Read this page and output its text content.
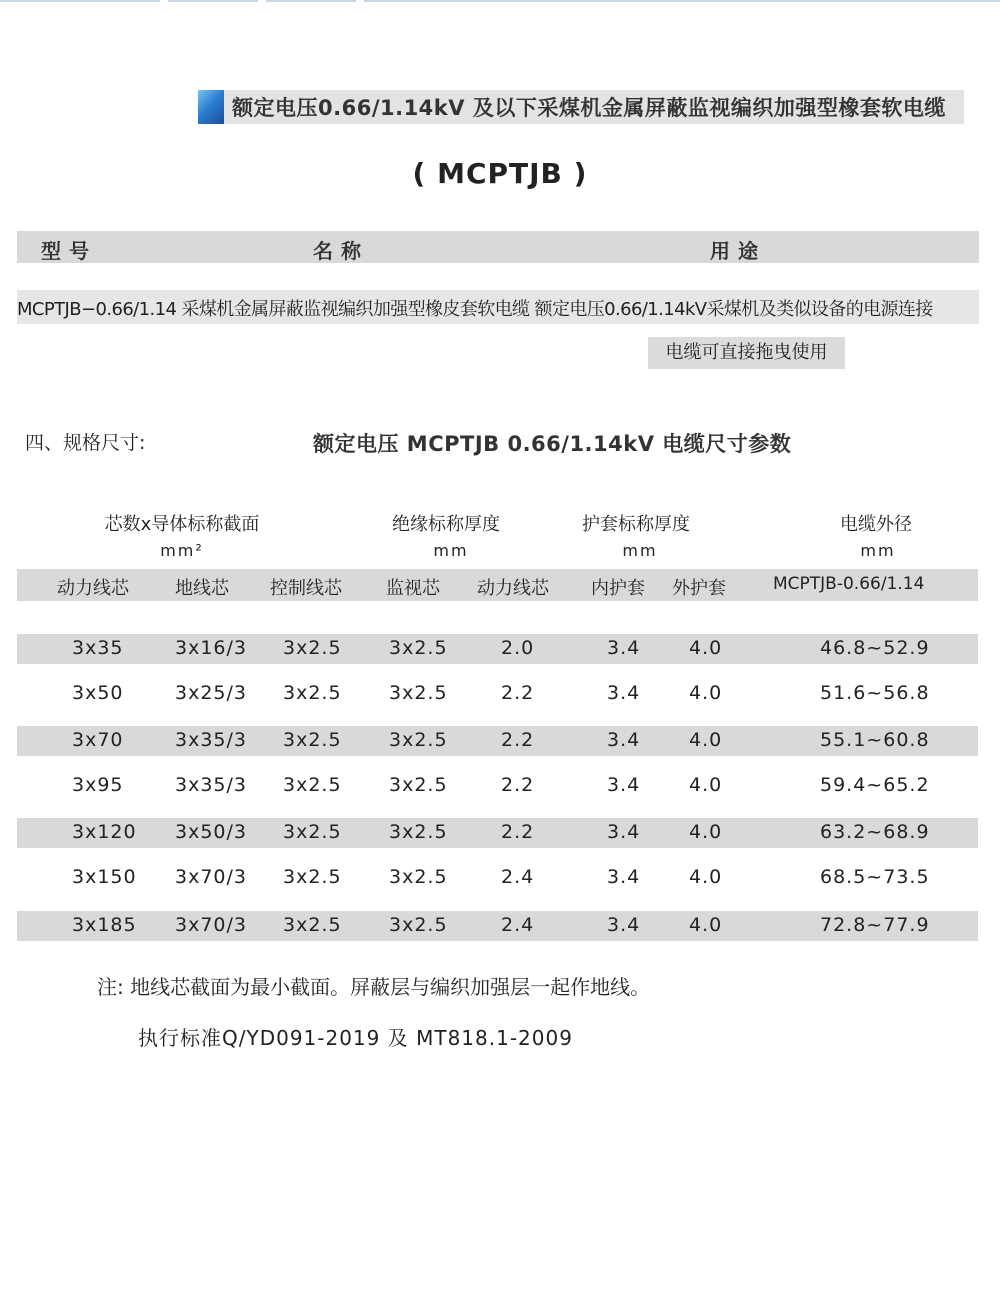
额定电压0.66/1.14kV 及以下采煤机金属屏蔽监视编织加强型橡套软电缆
( MCPTJB )
型号	名称	用途
MCPTJB−0.66/1.14 采煤机金属屏蔽监视编织加强型橡皮套软电缆 额定电压0.66/1.14kV采煤机及类似设备的电源连接
电缆可直接拖曳使用
四、规格尺寸:	额定电压 MCPTJB 0.66/1.14kV 电缆尺寸参数
芯数x导体标称截面
mm²
绝缘标称厚度
mm
护套标称厚度
mm
电缆外径
mm
动力线芯	地线芯 控制线芯 监视芯 动力线芯 内护套 外护套	MCPTJB-0.66/1.14
3x35	3x16/3 3x2.5 3x2.5	2.0	3.4	4.0	46.8~52.9
3x50	3x25/3 3x2.5 3x2.5	2.2	3.4	4.0	51.6~56.8
3x70	3x35/3 3x2.5 3x2.5	2.2	3.4	4.0	55.1~60.8
3x95	3x35/3 3x2.5 3x2.5	2.2	3.4	4.0	59.4~65.2
3x120 3x50/3 3x2.5 3x2.5	2.2	3.4	4.0	63.2~68.9
3x150 3x70/3 3x2.5 3x2.5	2.4	3.4	4.0	68.5~73.5
3x185 3x70/3 3x2.5 3x2.5	2.4	3.4	4.0	72.8~77.9
注: 地线芯截面为最小截面。屏蔽层与编织加强层一起作地线。
执行标准Q/YD091-2019 及 MT818.1-2009
